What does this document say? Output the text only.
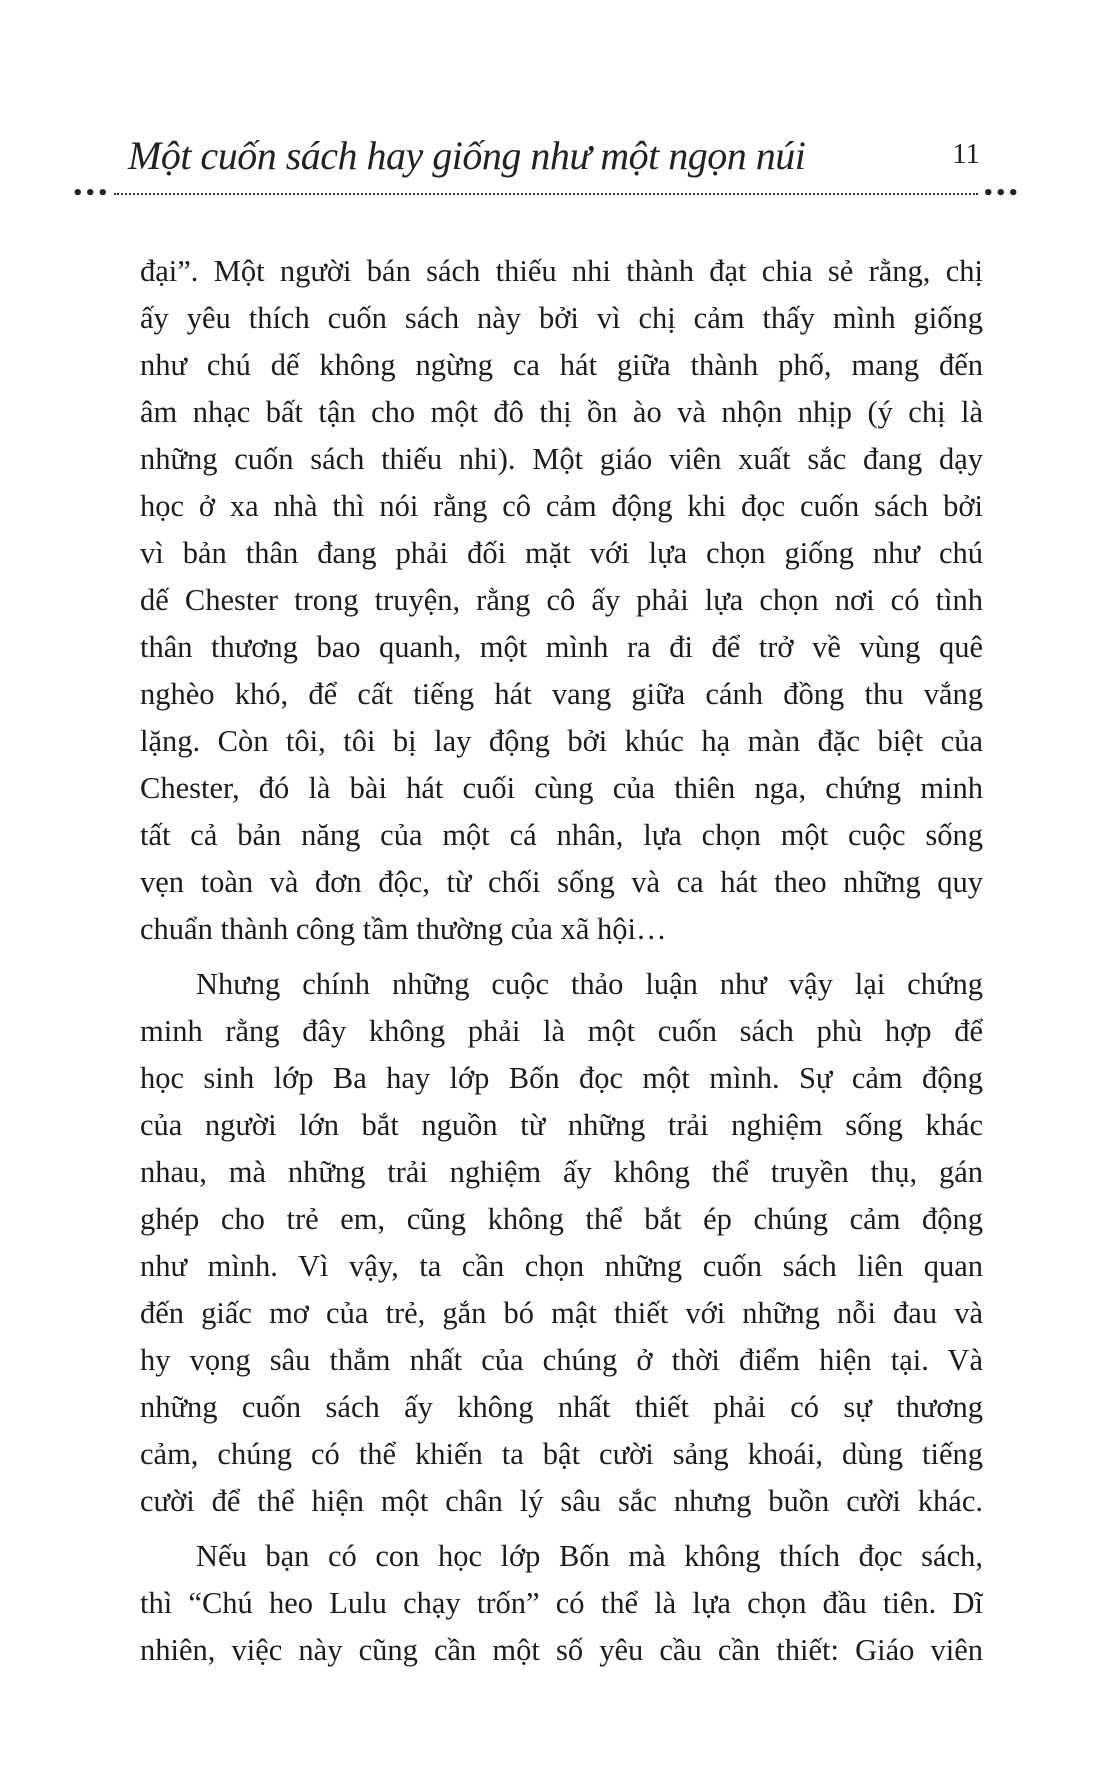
Một cuốn sách hay giống như một ngọn núi	11
•••	•••
đại”. Một người bán sách thiếu nhi thành đạt chia sẻ rằng, chị
ấy yêu thích cuốn sách này bởi vì chị cảm thấy mình giống
như chú dế không ngừng ca hát giữa thành phố, mang đến
âm nhạc bất tận cho một đô thị ồn ào và nhộn nhịp (ý chị là
những cuốn sách thiếu nhi). Một giáo viên xuất sắc đang dạy
học ở xa nhà thì nói rằng cô cảm động khi đọc cuốn sách bởi
vì bản thân đang phải đối mặt với lựa chọn giống như chú
dế Chester trong truyện, rằng cô ấy phải lựa chọn nơi có tình
thân thương bao quanh, một mình ra đi để trở về vùng quê
nghèo khó, để cất tiếng hát vang giữa cánh đồng thu vắng
lặng. Còn tôi, tôi bị lay động bởi khúc hạ màn đặc biệt của
Chester, đó là bài hát cuối cùng của thiên nga, chứng minh
tất cả bản năng của một cá nhân, lựa chọn một cuộc sống
vẹn toàn và đơn độc, từ chối sống và ca hát theo những quy
chuẩn thành công tầm thường của xã hội…
Nhưng chính những cuộc thảo luận như vậy lại chứng
minh rằng đây không phải là một cuốn sách phù hợp để
học sinh lớp Ba hay lớp Bốn đọc một mình. Sự cảm động
của người lớn bắt nguồn từ những trải nghiệm sống khác
nhau, mà những trải nghiệm ấy không thể truyền thụ, gán
ghép cho trẻ em, cũng không thể bắt ép chúng cảm động
như mình. Vì vậy, ta cần chọn những cuốn sách liên quan
đến giấc mơ của trẻ, gắn bó mật thiết với những nỗi đau và
hy vọng sâu thẳm nhất của chúng ở thời điểm hiện tại. Và
những cuốn sách ấy không nhất thiết phải có sự thương
cảm, chúng có thể khiến ta bật cười sảng khoái, dùng tiếng
cười để thể hiện một chân lý sâu sắc nhưng buồn cười khác.
Nếu bạn có con học lớp Bốn mà không thích đọc sách,
thì “Chú heo Lulu chạy trốn” có thể là lựa chọn đầu tiên. Dĩ
nhiên, việc này cũng cần một số yêu cầu cần thiết: Giáo viên
